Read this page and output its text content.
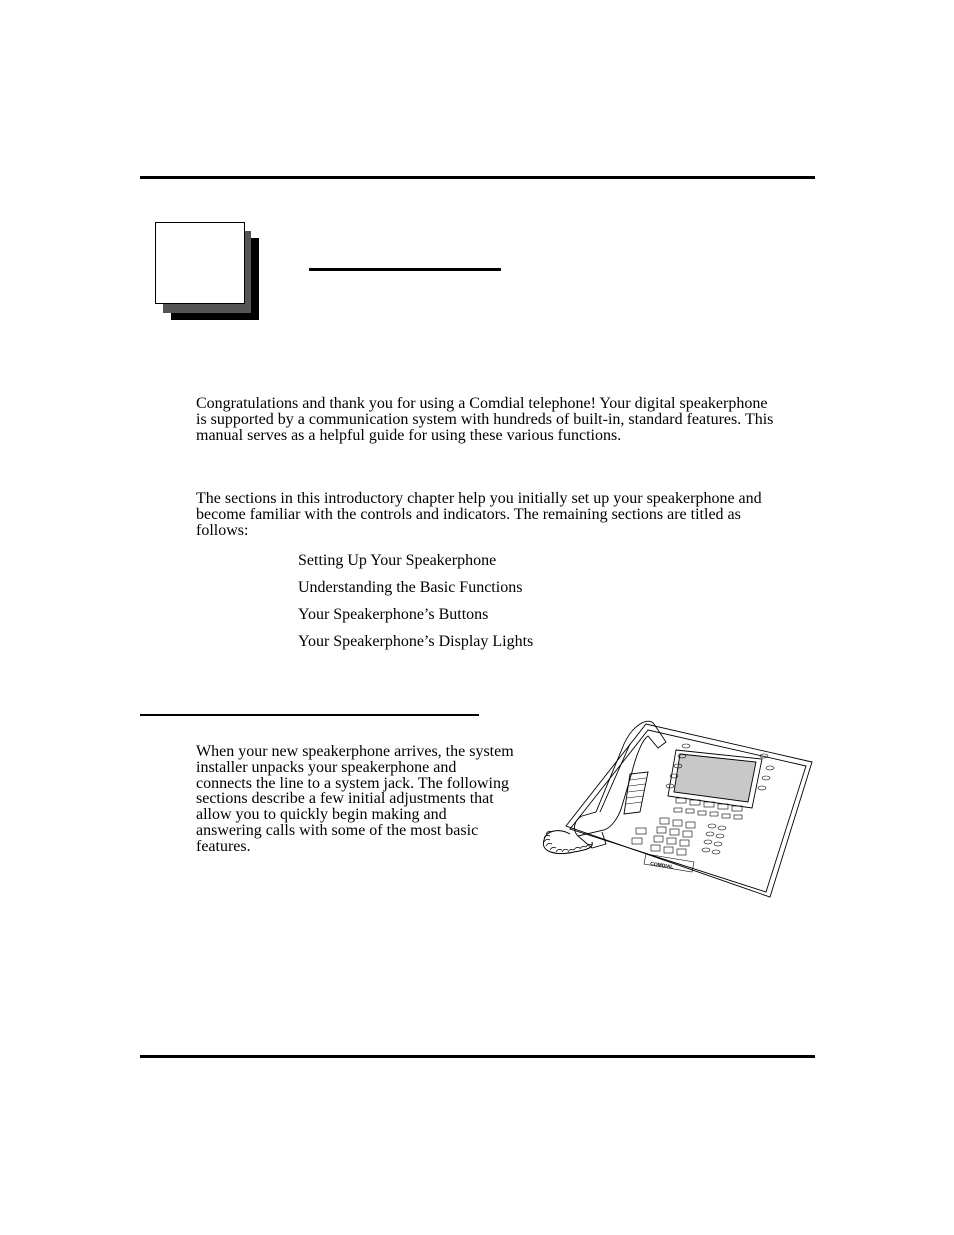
Congratulations and thank you for using a Comdial telephone! Your digital speakerphone is supported by a communication system with hundreds of built-in, standard features. This manual serves as a helpful guide for using these various functions.

The sections in this introductory chapter help you initially set up your speakerphone and become familiar with the controls and indicators. The remaining sections are titled as follows:

Setting Up Your Speakerphone
Understanding the Basic Functions
Your Speakerphone’s Buttons
Your Speakerphone’s Display Lights

When your new speakerphone arrives, the system installer unpacks your speakerphone and connects the line to a system jack. The following sections describe a few initial adjustments that allow you to quickly begin making and answering calls with some of the most basic features.

COMDIAL
